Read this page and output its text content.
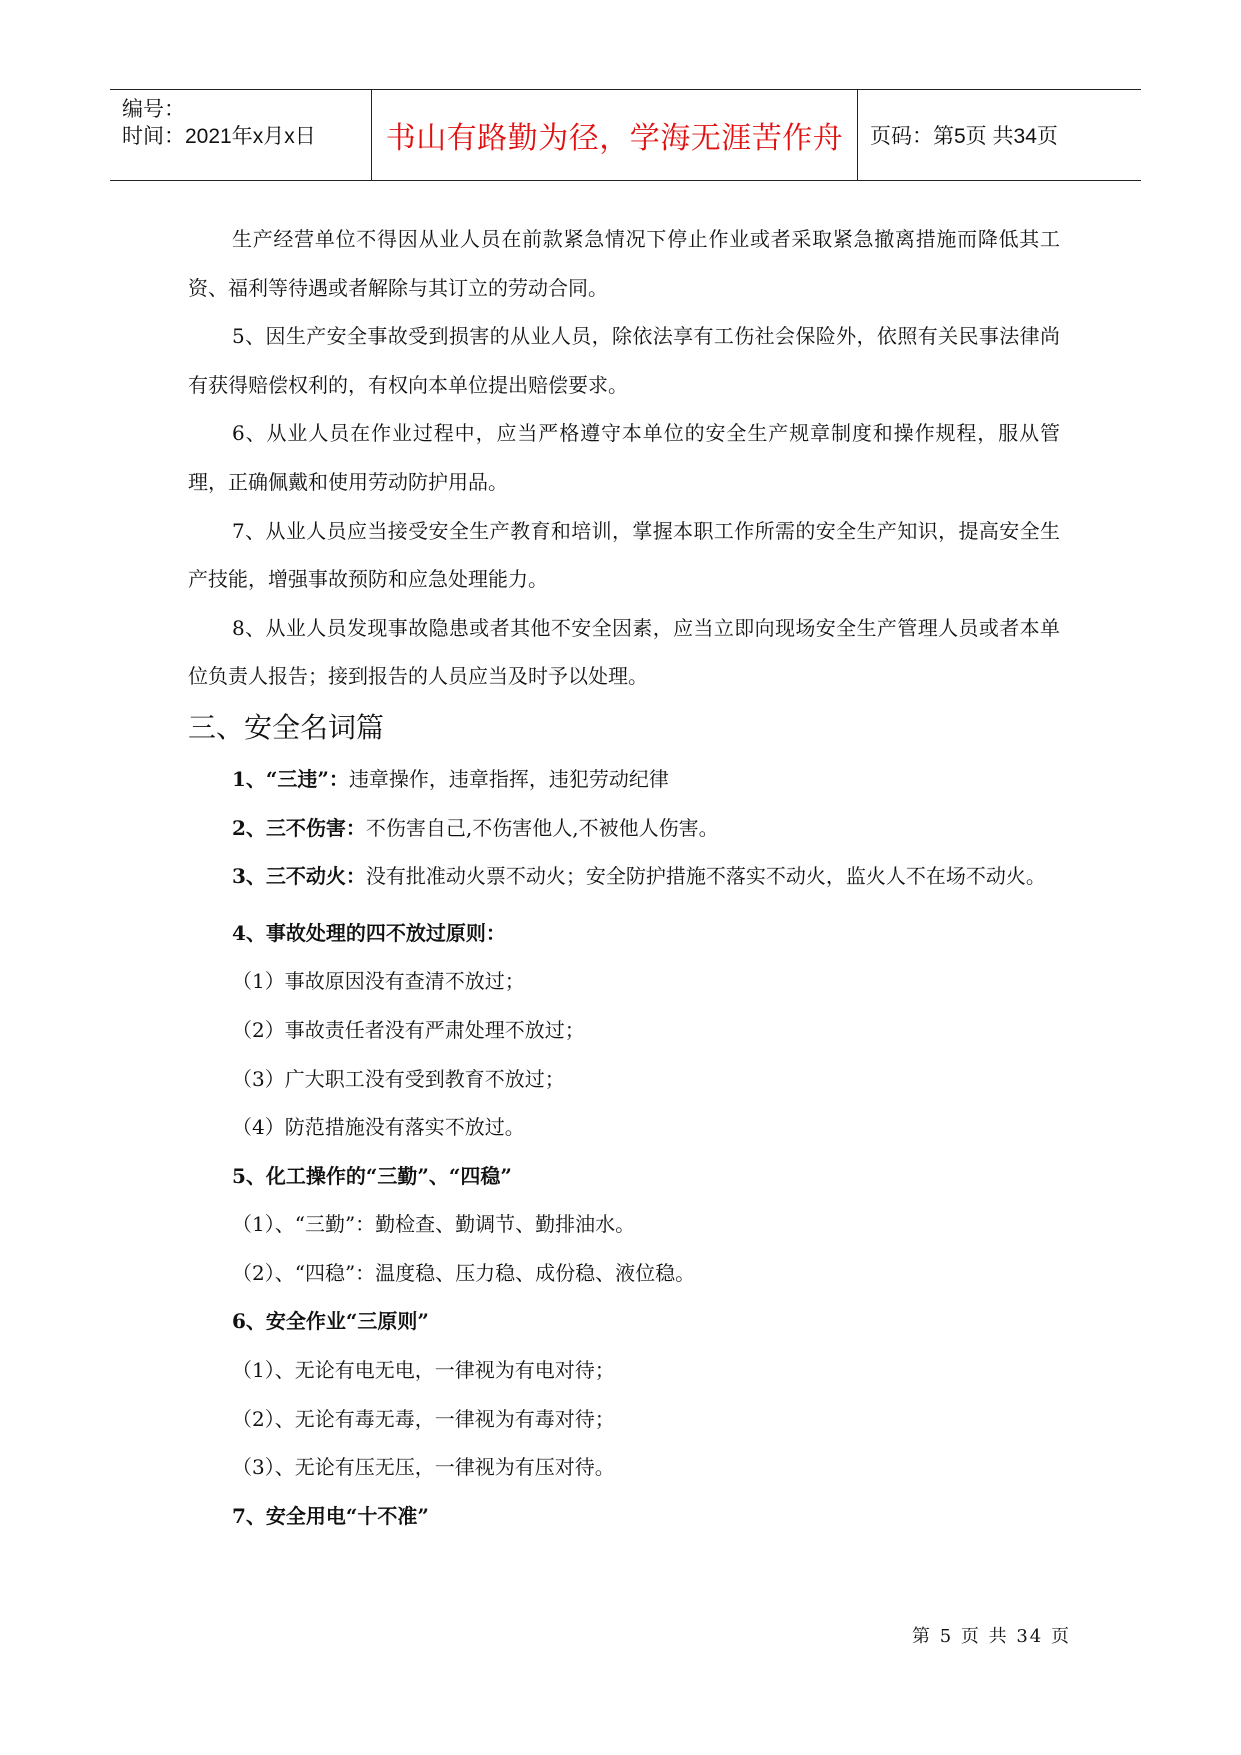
编号：
时间：2021年x月x日	书山有路勤为径，学海无涯苦作舟	页码：第5页 共34页

生产经营单位不得因从业人员在前款紧急情况下停止作业或者采取紧急撤离措施而降低其工资、福利等待遇或者解除与其订立的劳动合同。

5、因生产安全事故受到损害的从业人员，除依法享有工伤社会保险外，依照有关民事法律尚有获得赔偿权利的，有权向本单位提出赔偿要求。

6、从业人员在作业过程中，应当严格遵守本单位的安全生产规章制度和操作规程，服从管理，正确佩戴和使用劳动防护用品。

7、从业人员应当接受安全生产教育和培训，掌握本职工作所需的安全生产知识，提高安全生产技能，增强事故预防和应急处理能力。

8、从业人员发现事故隐患或者其他不安全因素，应当立即向现场安全生产管理人员或者本单位负责人报告；接到报告的人员应当及时予以处理。

三、安全名词篇

1、“三违”：违章操作，违章指挥，违犯劳动纪律

2、三不伤害：不伤害自己,不伤害他人,不被他人伤害。

3、三不动火：没有批准动火票不动火；安全防护措施不落实不动火，监火人不在场不动火。

4、事故处理的四不放过原则：

（1）事故原因没有查清不放过；

（2）事故责任者没有严肃处理不放过；

（3）广大职工没有受到教育不放过；

（4）防范措施没有落实不放过。

5、化工操作的“三勤”、“四稳”

（1）、“三勤”：勤检查、勤调节、勤排油水。

（2）、“四稳”：温度稳、压力稳、成份稳、液位稳。

6、安全作业“三原则”

（1）、无论有电无电，一律视为有电对待；

（2）、无论有毒无毒，一律视为有毒对待；

（3）、无论有压无压，一律视为有压对待。

7、安全用电“十不准”

第 5 页 共 34 页
